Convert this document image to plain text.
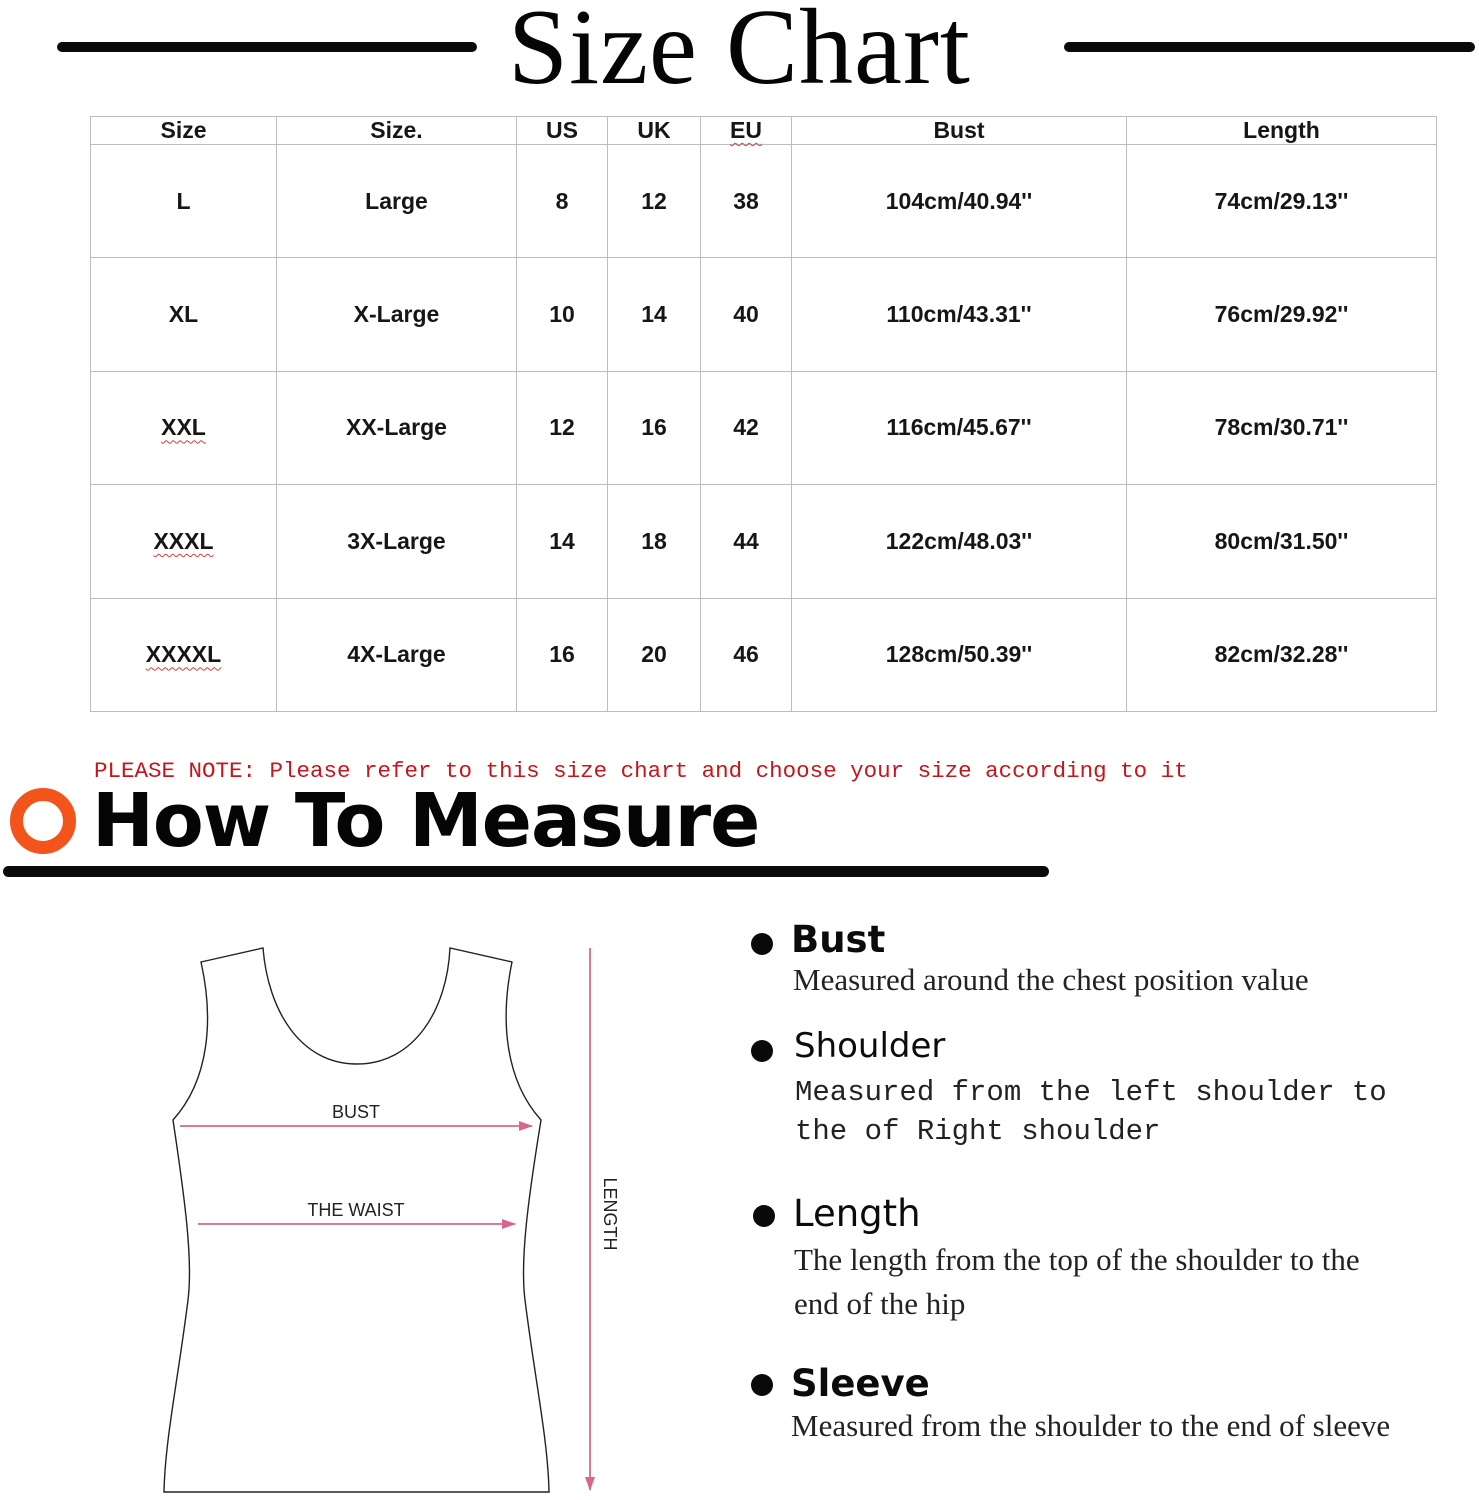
Size Chart
Size	Size.	US	UK	EU	Bust	Length
L	Large	8	12	38	104cm/40.94''	74cm/29.13''
XL	X-Large	10	14	40	110cm/43.31''	76cm/29.92''
XXL	XX-Large	12	16	42	116cm/45.67''	78cm/30.71''
XXXL	3X-Large	14	18	44	122cm/48.03''	80cm/31.50''
XXXXL	4X-Large	16	20	46	128cm/50.39''	82cm/32.28''
PLEASE NOTE: Please refer to this size chart and choose your size according to it
How To Measure
BUST
THE WAIST	LENGTH
Bust
Measured around the chest position value
Shoulder
Measured from the left shoulder to the of Right shoulder
Length
The length from the top of the shoulder to the end of the hip
Sleeve
Measured from the shoulder to the end of sleeve
